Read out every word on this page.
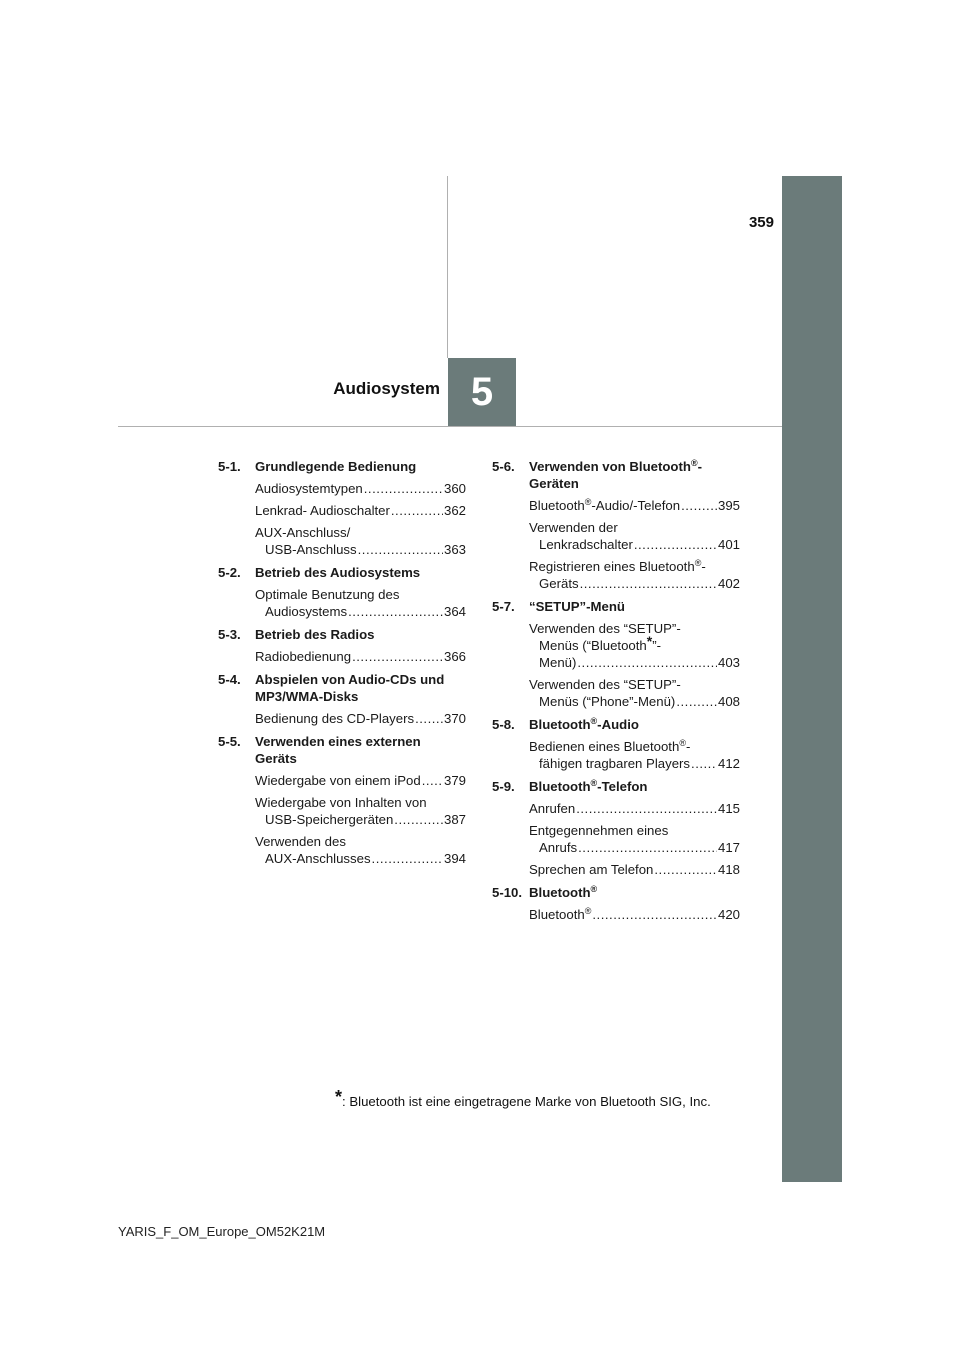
5
Audiosystem
359
5-1.	Grundlegende Bedienung
Audiosystemtypen .....	360
Lenkrad- Audioschalter .....	362
AUX-Anschluss/
USB-Anschluss .....	363
5-2.	Betrieb des Audiosystems
Optimale Benutzung des
Audiosystems .....	364
5-3.	Betrieb des Radios
Radiobedienung .....	366
5-4.	Abspielen von Audio-CDs und MP3/WMA-Disks
Bedienung des CD-Players ..... 370
5-5.	Verwenden eines externen Geräts
Wiedergabe von einem iPod ..... 379
Wiedergabe von Inhalten von
USB-Speichergeräten .....	387
Verwenden des
AUX-Anschlusses .....	394
5-6.	Verwenden von Bluetooth®- Geräten
Bluetooth®-Audio/-Telefon .....	395
Verwenden der
Lenkradschalter .....	401
Registrieren eines Bluetooth®-
Geräts .....	402
5-7.	“SETUP”-Menü
Verwenden des “SETUP”-
Menüs (“Bluetooth*”-
Menü) .....	403
Verwenden des “SETUP”-
Menüs (“Phone”-Menü) .....	408
5-8.	Bluetooth®-Audio
Bedienen eines Bluetooth®-
fähigen tragbaren Players ..... 412
5-9.	Bluetooth®-Telefon
Anrufen .....	415
Entgegennehmen eines
Anrufs .....	417
Sprechen am Telefon .....	418
5-10. Bluetooth®
Bluetooth® .....	420
*: Bluetooth ist eine eingetragene Marke von Bluetooth SIG, Inc.
YARIS_F_OM_Europe_OM52K21M
